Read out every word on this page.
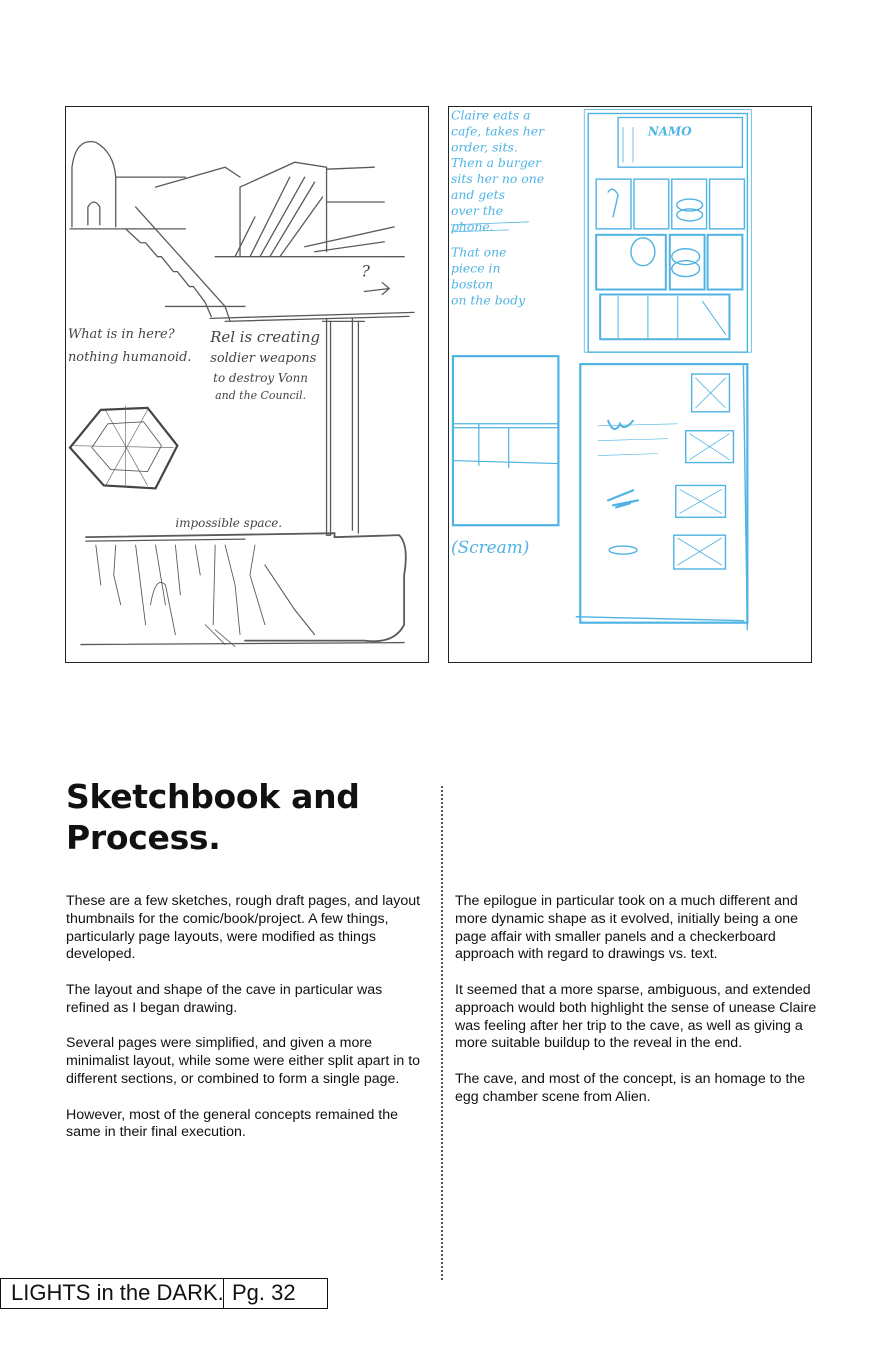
What is in here?
nothing humanoid.
Rel is creating
soldier weapons
to destroy Vonn
and the Council.
impossible space.
?
Claire eats a
cafe, takes her
order, sits.
Then a burger
sits her no one
and gets
over the
phone.
That one
piece in
boston
on the body
NAMO
(Scream)
Sketchbook and Process.

These are a few sketches, rough draft pages, and layout thumbnails for the comic/book/project. A few things, particularly page layouts, were modified as things developed.

The layout and shape of the cave in particular was refined as I began drawing.

Several pages were simplified, and given a more minimalist layout, while some were either split apart in to different sections, or combined to form a single page.

However, most of the general concepts remained the same in their final execution.

The epilogue in particular took on a much different and more dynamic shape as it evolved, initially being a one page affair with smaller panels and a checkerboard approach with regard to drawings vs. text.

It seemed that a more sparse, ambiguous, and extended approach would both highlight the sense of unease Claire was feeling after her trip to the cave, as well as giving a more suitable buildup to the reveal in the end.

The cave, and most of the concept, is an homage to the egg chamber scene from Alien.

LIGHTS in the DARK. Pg. 32
